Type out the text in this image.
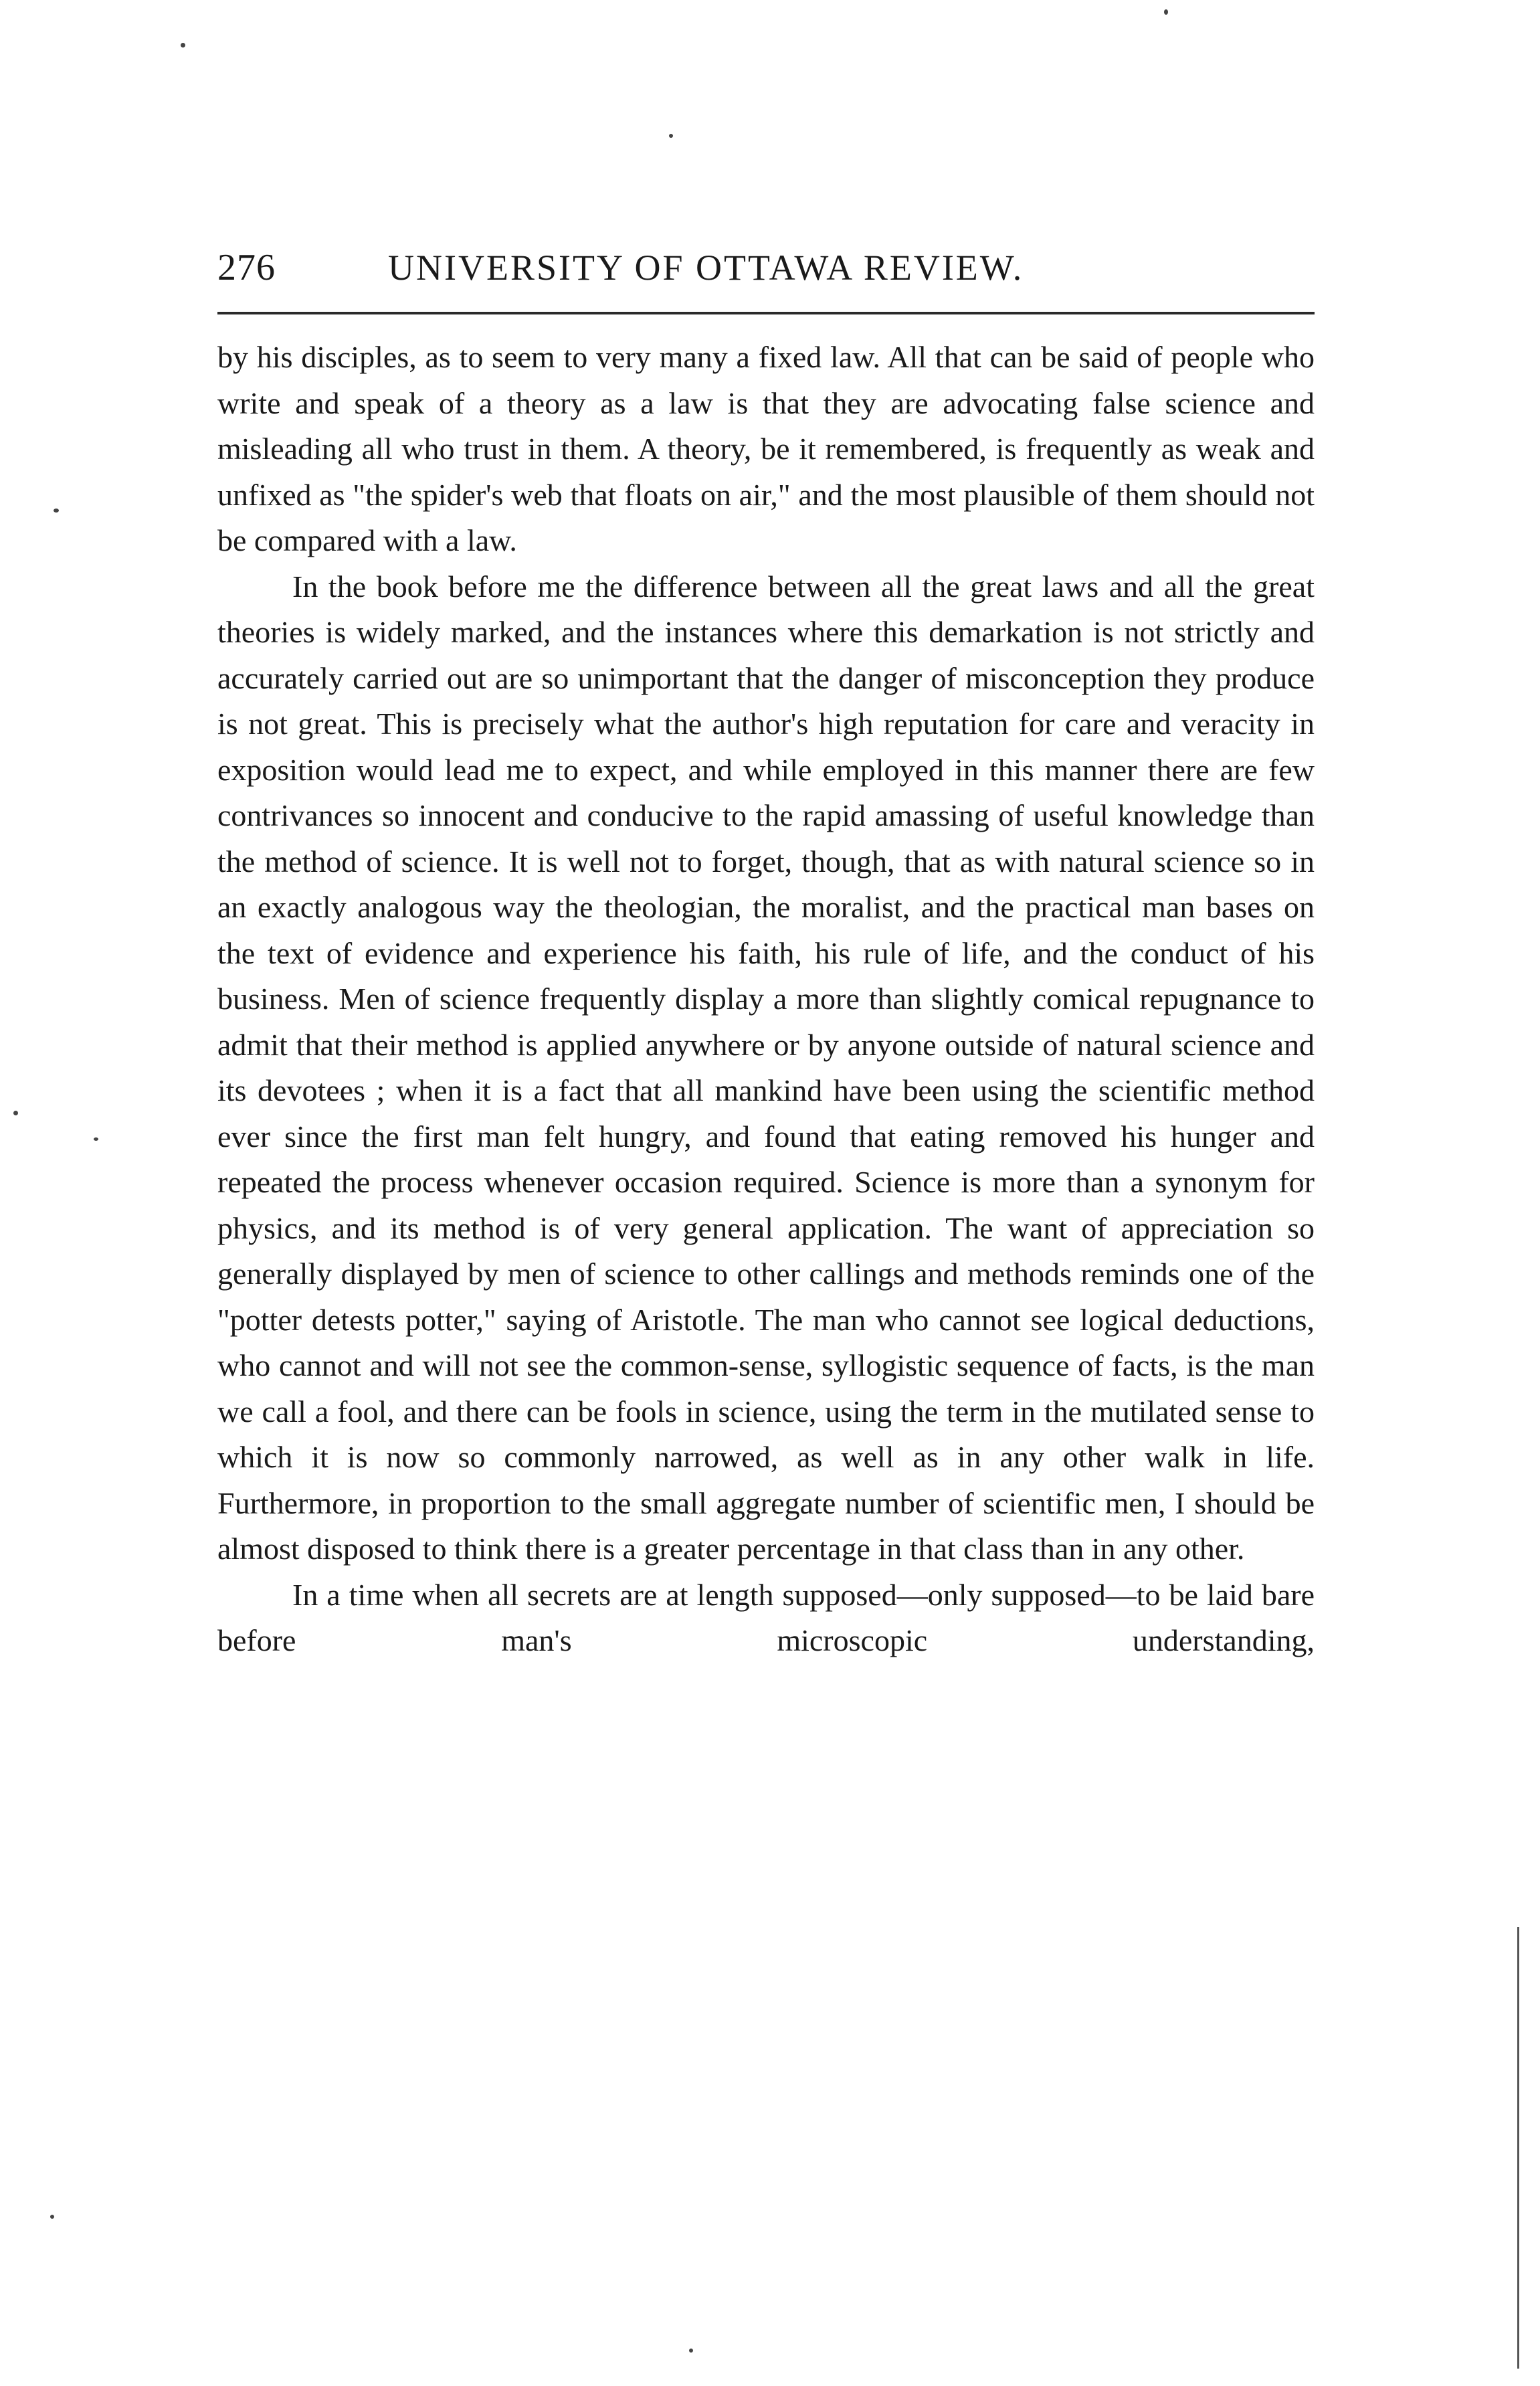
276	UNIVERSITY OF OTTAWA REVIEW.

by his disciples, as to seem to very many a fixed law. All that can be said of people who write and speak of a theory as a law is that they are advocating false science and misleading all who trust in them. A theory, be it remembered, is frequently as weak and unfixed as "the spider's web that floats on air," and the most plausible of them should not be compared with a law.

In the book before me the difference between all the great laws and all the great theories is widely marked, and the instances where this demarkation is not strictly and accurately carried out are so unimportant that the danger of misconception they produce is not great. This is precisely what the author's high reputation for care and veracity in exposition would lead me to expect, and while employed in this manner there are few contrivances so innocent and conducive to the rapid amassing of useful knowledge than the method of science. It is well not to forget, though, that as with natural science so in an exactly analogous way the theologian, the moralist, and the practical man bases on the text of evidence and experience his faith, his rule of life, and the conduct of his business. Men of science frequently display a more than slightly comical repugnance to admit that their method is applied anywhere or by anyone outside of natural science and its devotees ; when it is a fact that all mankind have been using the scientific method ever since the first man felt hungry, and found that eating removed his hunger and repeated the process whenever occasion required. Science is more than a synonym for physics, and its method is of very general application. The want of appreciation so generally displayed by men of science to other callings and methods reminds one of the "potter detests potter," saying of Aristotle. The man who cannot see logical deductions, who cannot and will not see the common-sense, syllogistic sequence of facts, is the man we call a fool, and there can be fools in science, using the term in the mutilated sense to which it is now so commonly narrowed, as well as in any other walk in life. Furthermore, in proportion to the small aggregate number of scientific men, I should be almost disposed to think there is a greater percentage in that class than in any other.

In a time when all secrets are at length supposed—only supposed—to be laid bare before man's microscopic understanding,
